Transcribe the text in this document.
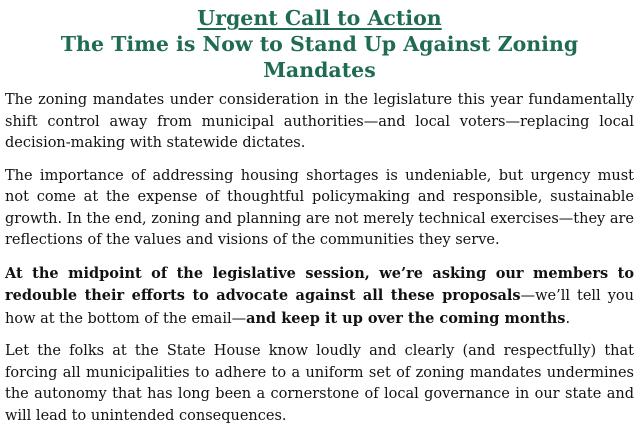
Urgent Call to Action
The Time is Now to Stand Up Against Zoning Mandates

The zoning mandates under consideration in the legislature this year fundamentally shift control away from municipal authorities—and local voters—replacing local decision-making with statewide dictates.

The importance of addressing housing shortages is undeniable, but urgency must not come at the expense of thoughtful policymaking and responsible, sustainable growth. In the end, zoning and planning are not merely technical exercises—they are reflections of the values and visions of the communities they serve.

At the midpoint of the legislative session, we’re asking our members to redouble their efforts to advocate against all these proposals—we’ll tell you how at the bottom of the email—and keep it up over the coming months.

Let the folks at the State House know loudly and clearly (and respectfully) that forcing all municipalities to adhere to a uniform set of zoning mandates undermines the autonomy that has long been a cornerstone of local governance in our state and will lead to unintended consequences.
